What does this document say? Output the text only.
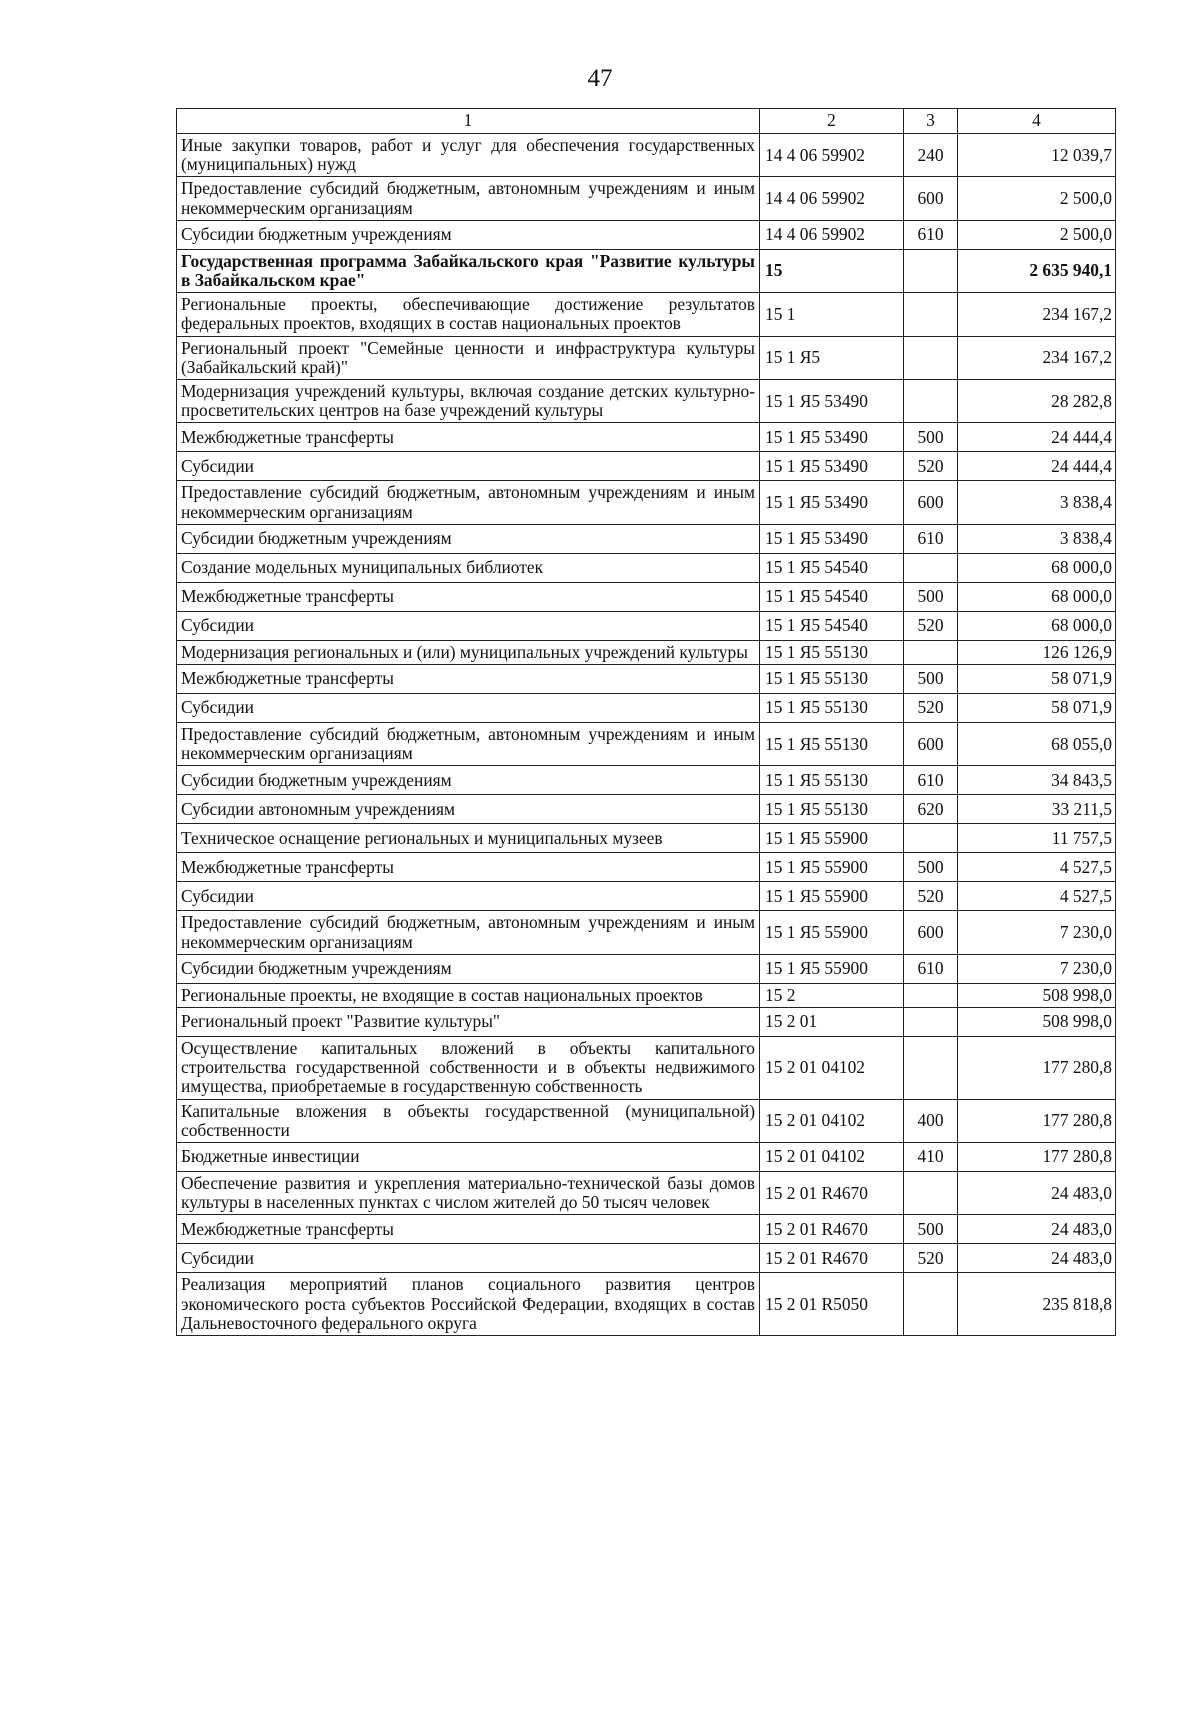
47
1	2	3	4
Иные закупки товаров, работ и услуг для обеспечения государственных (муниципальных) нужд	14 4 06 59902	240	12 039,7
Предоставление субсидий бюджетным, автономным учреждениям и иным некоммерческим организациям	14 4 06 59902	600	2 500,0
Субсидии бюджетным учреждениям	14 4 06 59902	610	2 500,0
Государственная программа Забайкальского края "Развитие культуры в Забайкальском крае"	15		2 635 940,1
Региональные проекты, обеспечивающие достижение результатов федеральных проектов, входящих в состав национальных проектов	15 1		234 167,2
Региональный проект "Семейные ценности и инфраструктура культуры (Забайкальский край)"	15 1 Я5		234 167,2
Модернизация учреждений культуры, включая создание детских культурно-просветительских центров на базе учреждений культуры	15 1 Я5 53490		28 282,8
Межбюджетные трансферты	15 1 Я5 53490	500	24 444,4
Субсидии	15 1 Я5 53490	520	24 444,4
Предоставление субсидий бюджетным, автономным учреждениям и иным некоммерческим организациям	15 1 Я5 53490	600	3 838,4
Субсидии бюджетным учреждениям	15 1 Я5 53490	610	3 838,4
Создание модельных муниципальных библиотек	15 1 Я5 54540		68 000,0
Межбюджетные трансферты	15 1 Я5 54540	500	68 000,0
Субсидии	15 1 Я5 54540	520	68 000,0
Модернизация региональных и (или) муниципальных учреждений культуры	15 1 Я5 55130		126 126,9
Межбюджетные трансферты	15 1 Я5 55130	500	58 071,9
Субсидии	15 1 Я5 55130	520	58 071,9
Предоставление субсидий бюджетным, автономным учреждениям и иным некоммерческим организациям	15 1 Я5 55130	600	68 055,0
Субсидии бюджетным учреждениям	15 1 Я5 55130	610	34 843,5
Субсидии автономным учреждениям	15 1 Я5 55130	620	33 211,5
Техническое оснащение региональных и муниципальных музеев	15 1 Я5 55900		11 757,5
Межбюджетные трансферты	15 1 Я5 55900	500	4 527,5
Субсидии	15 1 Я5 55900	520	4 527,5
Предоставление субсидий бюджетным, автономным учреждениям и иным некоммерческим организациям	15 1 Я5 55900	600	7 230,0
Субсидии бюджетным учреждениям	15 1 Я5 55900	610	7 230,0
Региональные проекты, не входящие в состав национальных проектов	15 2		508 998,0
Региональный проект "Развитие культуры"	15 2 01		508 998,0
Осуществление капитальных вложений в объекты капитального строительства государственной собственности и в объекты недвижимого имущества, приобретаемые в государственную собственность	15 2 01 04102		177 280,8
Капитальные вложения в объекты государственной (муниципальной) собственности	15 2 01 04102	400	177 280,8
Бюджетные инвестиции	15 2 01 04102	410	177 280,8
Обеспечение развития и укрепления материально-технической базы домов культуры в населенных пунктах с числом жителей до 50 тысяч человек	15 2 01 R4670		24 483,0
Межбюджетные трансферты	15 2 01 R4670	500	24 483,0
Субсидии	15 2 01 R4670	520	24 483,0
Реализация мероприятий планов социального развития центров экономического роста субъектов Российской Федерации, входящих в состав Дальневосточного федерального округа	15 2 01 R5050		235 818,8
